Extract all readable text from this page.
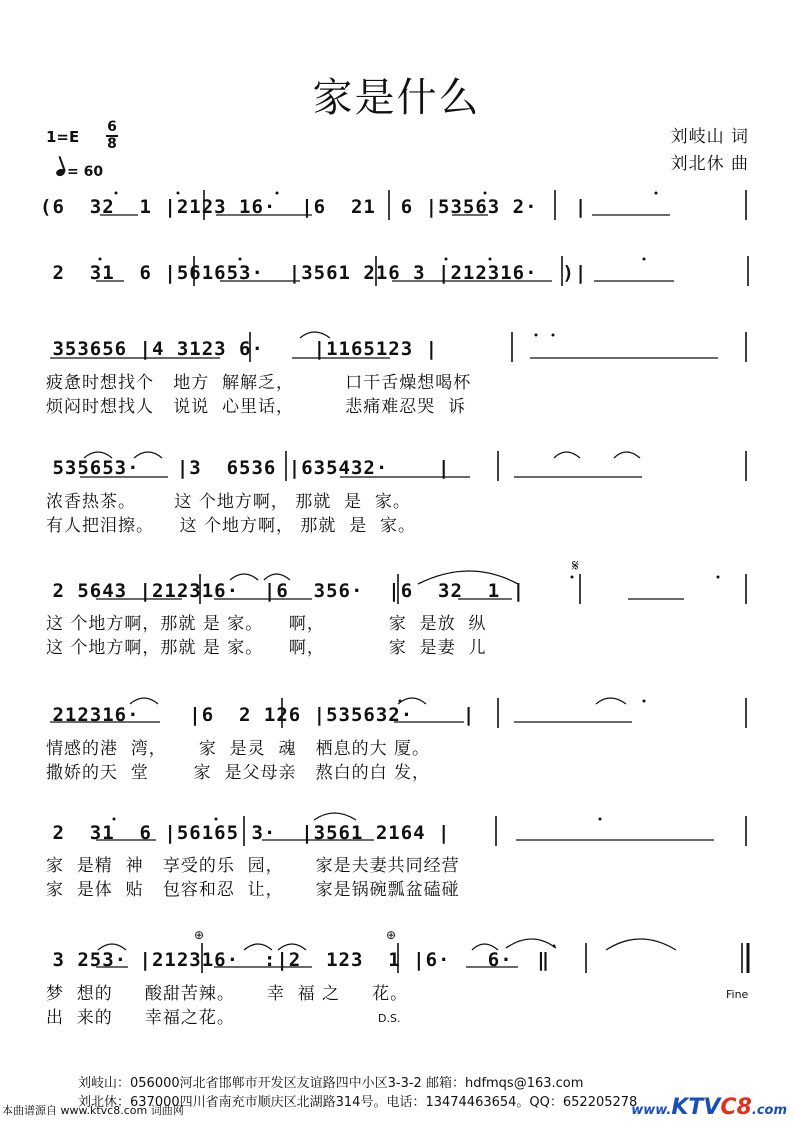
家是什么
1=E
6
8
= 60
刘岐山 词
刘北休 曲
(6  32  1 |2123 16·  |6  21  6 |53563 2·   |
2  31  6 |561653·  |3561 216 3 |212316·  )|
353656 |4 3123 6·    |1165123 |
疲惫时想找个   地方  解解乏，        口干舌燥想喝杯
烦闷时想找人   说说  心里话，        悲痛难忍哭  诉
535653·   |3  6536 |635432·    |
浓香热茶。      这 个地方啊， 那就  是  家。
有人把泪擦。    这 个地方啊， 那就  是  家。
2 5643 |212316·  |6  356·  |6  32  1 |
这 个地方啊，那就 是 家。    啊，          家  是放  纵
这 个地方啊，那就 是 家。    啊，          家  是妻  儿
212316·    |6  2 126 |535632·    |
情感的港  湾，     家  是灵  魂   栖息的大 厦。
撒娇的天  堂       家  是父母亲   熬白的白 发，
2  31  6 |56165 3·  |3561 2164 |
家  是精  神   享受的乐  园，     家是夫妻共同经营
家  是体  贴   包容和忍  让，     家是锅碗瓢盆磕碰
3 253· |212316·  :|2  123  1 |6·   6·  ‖
梦  想的     酸甜苦辣。     幸  福 之     花。
出  来的     幸福之花。
𝄋
⊕	⊕
Fine
D.S.
刘岐山：056000河北省邯郸市开发区友谊路四中小区3-3-2 邮箱：hdfmqs@163.com
刘北休：637000四川省南充市顺庆区北湖路314号。电话：13474463654。QQ：652205278
本曲谱源自 www.ktvc8.com 词曲网	www.KTVC8.com
